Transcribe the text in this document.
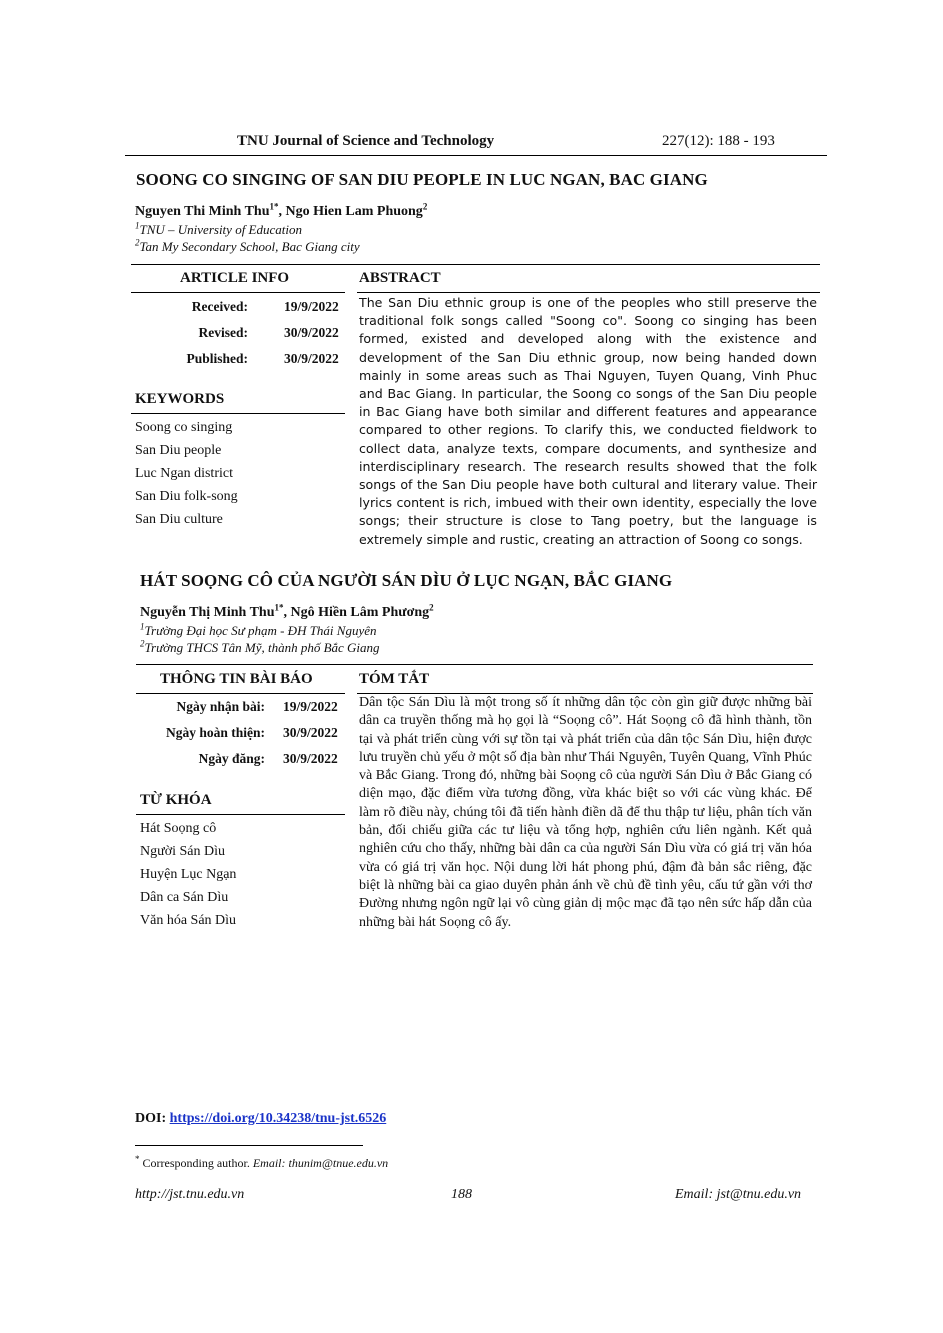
TNU Journal of Science and Technology	227(12): 188 - 193
SOONG CO SINGING OF SAN DIU PEOPLE IN LUC NGAN, BAC GIANG
Nguyen Thi Minh Thu$^{1*}$, Ngo Hien Lam Phuong$^2$
$^1$TNU – University of Education
$^2$Tan My Secondary School, Bac Giang city
ARTICLE INFO	ABSTRACT
Received:	19/9/2022
Revised:	30/9/2022
Published:	30/9/2022
KEYWORDS
Soong co singing
San Diu people
Luc Ngan district
San Diu folk-song
San Diu culture
The San Diu ethnic group is one of the peoples who still preserve the traditional folk songs called "Soong co". Soong co singing has been formed, existed and developed along with the existence and development of the San Diu ethnic group, now being handed down mainly in some areas such as Thai Nguyen, Tuyen Quang, Vinh Phuc and Bac Giang. In particular, the Soong co songs of the San Diu people in Bac Giang have both similar and different features and appearance compared to other regions. To clarify this, we conducted fieldwork to collect data, analyze texts, compare documents, and synthesize and interdisciplinary research. The research results showed that the folk songs of the San Diu people have both cultural and literary value. Their lyrics content is rich, imbued with their own identity, especially the love songs; their structure is close to Tang poetry, but the language is extremely simple and rustic, creating an attraction of Soong co songs.
HÁT SOỌNG CÔ CỦA NGƯỜI SÁN DÌU Ở LỤC NGẠN, BẮC GIANG
Nguyễn Thị Minh Thu$^{1*}$, Ngô Hiền Lâm Phương$^2$
$^1$Trường Đại học Sư phạm - ĐH Thái Nguyên
$^2$Trường THCS Tân Mỹ, thành phố Bắc Giang
THÔNG TIN BÀI BÁO	TÓM TẮT
Ngày nhận bài: 19/9/2022
Ngày hoàn thiện: 30/9/2022
Ngày đăng: 30/9/2022
TỪ KHÓA
Hát Soọng cô
Người Sán Dìu
Huyện Lục Ngạn
Dân ca Sán Dìu
Văn hóa Sán Dìu
Dân tộc Sán Dìu là một trong số ít những dân tộc còn gìn giữ được những bài dân ca truyền thống mà họ gọi là “Soọng cô”. Hát Soọng cô đã hình thành, tồn tại và phát triển cùng với sự tồn tại và phát triển của dân tộc Sán Dìu, hiện được lưu truyền chủ yếu ở một số địa bàn như Thái Nguyên, Tuyên Quang, Vĩnh Phúc và Bắc Giang. Trong đó, những bài Soọng cô của người Sán Dìu ở Bắc Giang có diện mạo, đặc điểm vừa tương đồng, vừa khác biệt so với các vùng khác. Để làm rõ điều này, chúng tôi đã tiến hành điền dã để thu thập tư liệu, phân tích văn bản, đối chiếu giữa các tư liệu và tổng hợp, nghiên cứu liên ngành. Kết quả nghiên cứu cho thấy, những bài dân ca của người Sán Dìu vừa có giá trị văn hóa vừa có giá trị văn học. Nội dung lời hát phong phú, đậm đà bản sắc riêng, đặc biệt là những bài ca giao duyên phản ánh về chủ đề tình yêu, cấu tứ gần với thơ Đường nhưng ngôn ngữ lại vô cùng giản dị mộc mạc đã tạo nên sức hấp dẫn của những bài hát Soọng cô ấy.
DOI: https://doi.org/10.34238/tnu-jst.6526
* Corresponding author. Email: thunim@tnue.edu.vn
http://jst.tnu.edu.vn	188	Email: jst@tnu.edu.vn
